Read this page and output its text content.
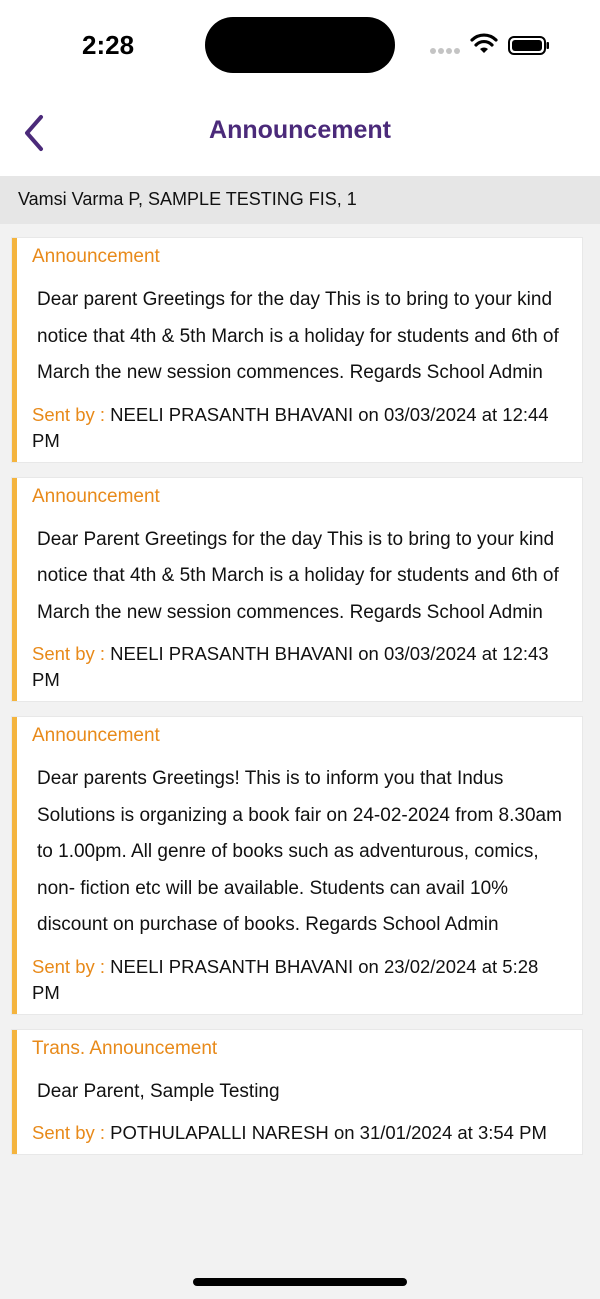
2:28
Announcement
Vamsi Varma P, SAMPLE TESTING FIS, 1
Announcement
Dear parent Greetings for the day This is to bring to your kind notice that 4th & 5th March is a holiday for students and 6th of March the new session commences. Regards School Admin
Sent by : NEELI PRASANTH BHAVANI on 03/03/2024 at 12:44 PM
Announcement
Dear Parent Greetings for the day This is to bring to your kind notice that 4th & 5th March is a holiday for students and 6th of March the new session commences. Regards School Admin
Sent by : NEELI PRASANTH BHAVANI on 03/03/2024 at 12:43 PM
Announcement
Dear parents Greetings! This is to inform you that Indus Solutions is organizing a book fair on 24-02-2024 from 8.30am to 1.00pm. All genre of books such as adventurous, comics, non- fiction etc will be available. Students can avail 10% discount on purchase of books. Regards School Admin
Sent by : NEELI PRASANTH BHAVANI on 23/02/2024 at 5:28 PM
Trans. Announcement
Dear Parent, Sample Testing
Sent by : POTHULAPALLI NARESH on 31/01/2024 at 3:54 PM
